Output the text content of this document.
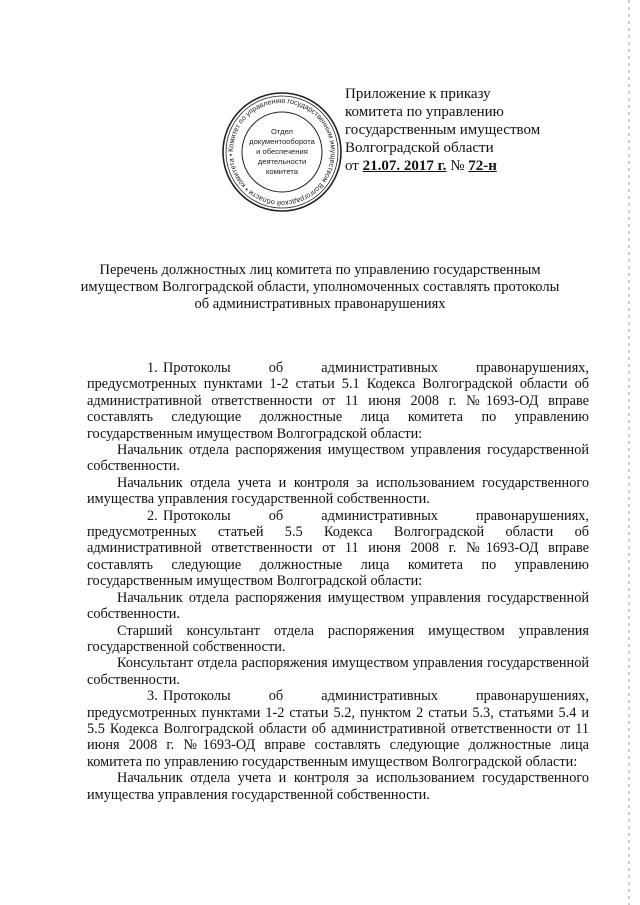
Комитет по управлению государственным имуществом Волгоградской области • комитета •
Отдел
документооборота
и обеспечения
деятельности
комитета
Приложение к приказу
комитета по управлению
государственным имуществом
Волгоградской области
от 21.07. 2017 г. № 72-н
Перечень должностных лиц комитета по управлению государственным
имуществом Волгоградской области, уполномоченных составлять протоколы
об административных правонарушениях

1. Протоколы об административных правонарушениях, предусмотренных пунктами 1-2 статьи 5.1 Кодекса Волгоградской области об административной ответственности от 11 июня 2008 г. №1693-ОД вправе составлять следующие должностные лица комитета по управлению государственным имуществом Волгоградской области:

Начальник отдела распоряжения имуществом управления государственной собственности.

Начальник отдела учета и контроля за использованием государственного имущества управления государственной собственности.

2. Протоколы об административных правонарушениях, предусмотренных статьей 5.5 Кодекса Волгоградской области об административной ответственности от 11 июня 2008 г. №1693-ОД вправе составлять следующие должностные лица комитета по управлению государственным имуществом Волгоградской области:

Начальник отдела распоряжения имуществом управления государственной собственности.

Старший консультант отдела распоряжения имуществом управления государственной собственности.

Консультант отдела распоряжения имуществом управления государственной собственности.

3. Протоколы об административных правонарушениях, предусмотренных пунктами 1-2 статьи 5.2, пунктом 2 статьи 5.3, статьями 5.4 и 5.5 Кодекса Волгоградской области об административной ответственности от 11 июня 2008 г. №1693-ОД вправе составлять следующие должностные лица комитета по управлению государственным имуществом Волгоградской области:

Начальник отдела учета и контроля за использованием государственного имущества управления государственной собственности.
